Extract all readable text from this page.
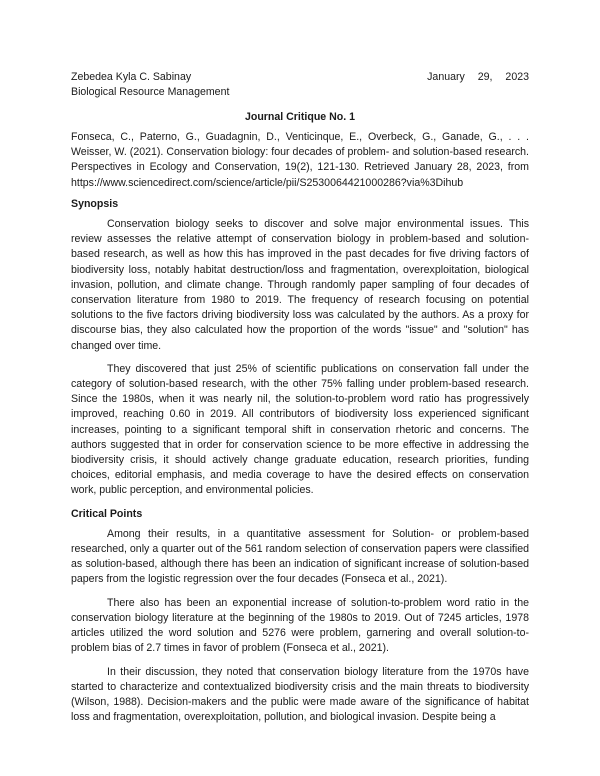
Zebedea Kyla C. Sabinay
Biological Resource Management
January 29, 2023
Journal Critique No. 1

Fonseca, C., Paterno, G., Guadagnin, D., Venticinque, E., Overbeck, G., Ganade, G., . . . Weisser, W. (2021). Conservation biology: four decades of problem- and solution-based research. Perspectives in Ecology and Conservation, 19(2), 121-130. Retrieved January 28, 2023, from https://www.sciencedirect.com/science/article/pii/S2530064421000286?via%3Dihub

Synopsis

Conservation biology seeks to discover and solve major environmental issues. This review assesses the relative attempt of conservation biology in problem-based and solution-based research, as well as how this has improved in the past decades for five driving factors of biodiversity loss, notably habitat destruction/loss and fragmentation, overexploitation, biological invasion, pollution, and climate change. Through randomly paper sampling of four decades of conservation literature from 1980 to 2019. The frequency of research focusing on potential solutions to the five factors driving biodiversity loss was calculated by the authors. As a proxy for discourse bias, they also calculated how the proportion of the words "issue" and "solution" has changed over time.

They discovered that just 25% of scientific publications on conservation fall under the category of solution-based research, with the other 75% falling under problem-based research. Since the 1980s, when it was nearly nil, the solution-to-problem word ratio has progressively improved, reaching 0.60 in 2019. All contributors of biodiversity loss experienced significant increases, pointing to a significant temporal shift in conservation rhetoric and concerns. The authors suggested that in order for conservation science to be more effective in addressing the biodiversity crisis, it should actively change graduate education, research priorities, funding choices, editorial emphasis, and media coverage to have the desired effects on conservation work, public perception, and environmental policies.

Critical Points

Among their results, in a quantitative assessment for Solution- or problem-based researched, only a quarter out of the 561 random selection of conservation papers were classified as solution-based, although there has been an indication of significant increase of solution-based papers from the logistic regression over the four decades (Fonseca et al., 2021).

There also has been an exponential increase of solution-to-problem word ratio in the conservation biology literature at the beginning of the 1980s to 2019. Out of 7245 articles, 1978 articles utilized the word solution and 5276 were problem, garnering and overall solution-to-problem bias of 2.7 times in favor of problem (Fonseca et al., 2021).

In their discussion, they noted that conservation biology literature from the 1970s have started to characterize and contextualized biodiversity crisis and the main threats to biodiversity (Wilson, 1988). Decision-makers and the public were made aware of the significance of habitat loss and fragmentation, overexploitation, pollution, and biological invasion. Despite being a
